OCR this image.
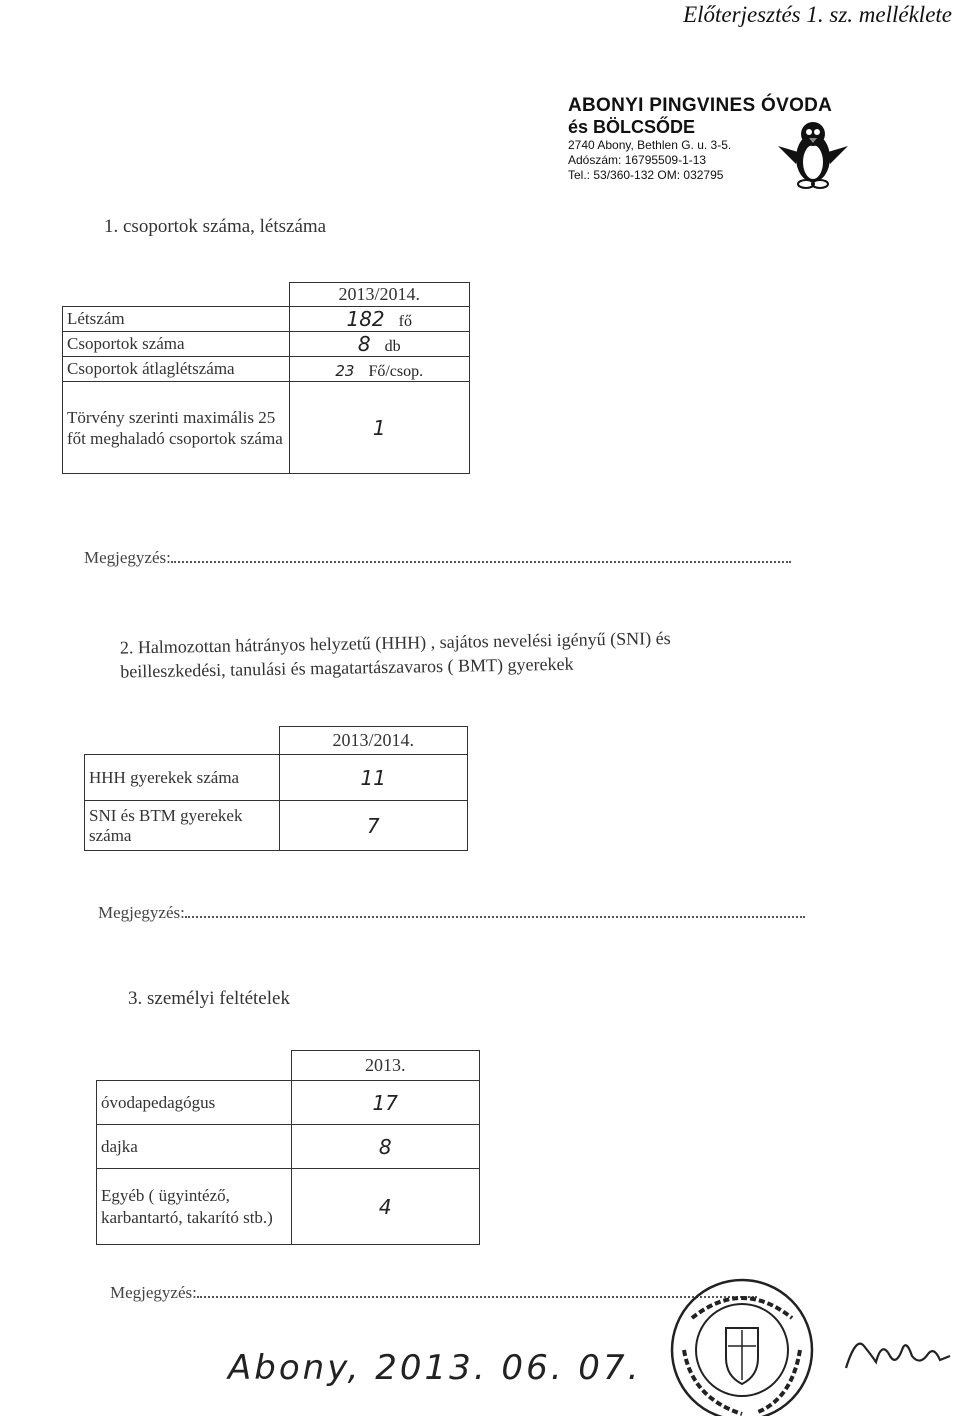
Előterjesztés 1. sz. melléklete
ABONYI PINGVINES ÓVODA
és BÖLCSŐDE
2740 Abony, Bethlen G. u. 3-5.
Adószám: 16795509-1-13
Tel.: 53/360-132 OM: 032795
1. csoportok száma, létszáma
	2013/2014.
Létszám	182 fő
Csoportok száma	8 db
Csoportok átlaglétszáma	23 Fő/csop.
Törvény szerinti maximális 25 főt meghaladó csoportok száma	1
Megjegyzés:
2. Halmozottan hátrányos helyzetű (HHH) , sajátos nevelési igényű (SNI) és beilleszkedési, tanulási és magatartászavaros ( BMT) gyerekek
	2013/2014.
HHH gyerekek száma	11
SNI és BTM gyerekek száma	7
Megjegyzés:
3. személyi feltételek
	2013.
óvodapedagógus	17
dajka	8
Egyéb ( ügyintéző, karbantartó, takarító stb.)	4
Megjegyzés:
Abony, 2013. 06. 07.
